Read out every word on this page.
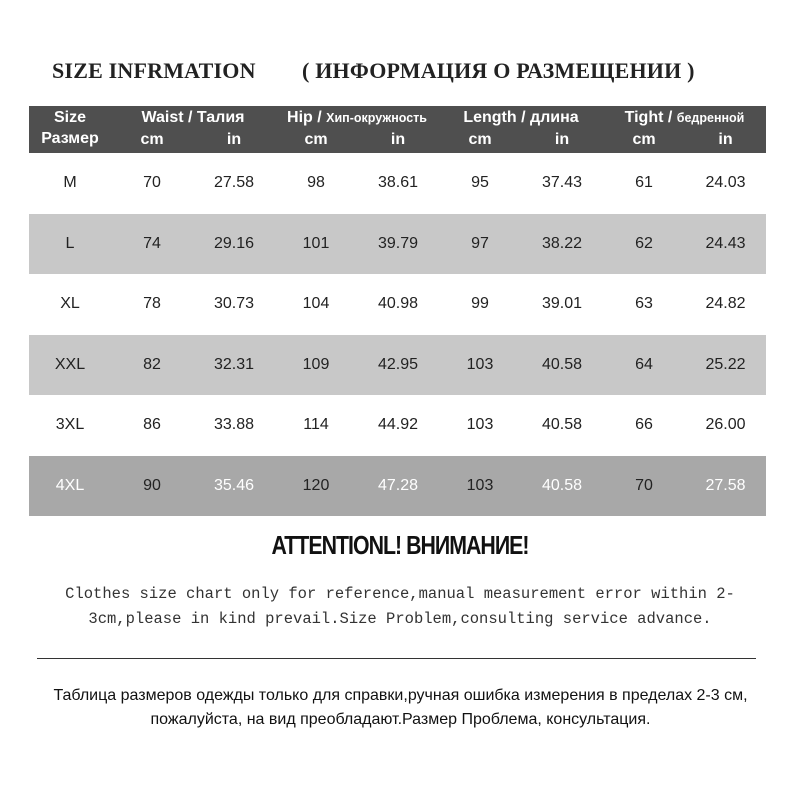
SIZE INFRMATION ( ИНФОРМАЦИЯ О РАЗМЕЩЕНИИ )
Size
Размер
Waist / Талия
cm	in
Hip / Хип-окружность
cm	in
Length / длина
cm	in
Tight / бедренной
cm	in
M	70	27.58	98	38.61	95	37.43	61	24.03
L	74	29.16	101	39.79	97	38.22	62	24.43
XL	78	30.73	104	40.98	99	39.01	63	24.82
XXL	82	32.31	109	42.95	103	40.58	64	25.22
3XL	86	33.88	114	44.92	103	40.58	66	26.00
4XL	90	35.46	120	47.28	103	40.58	70	27.58
ATTENTIONL! ВНИМАНИЕ!
Clothes size chart only for reference,manual measurement error within 2-3cm,please in kind prevail.Size Problem,consulting service advance.
Таблица размеров одежды только для справки,ручная ошибка измерения в пределах 2-3 см, пожалуйста, на вид преобладают.Размер Проблема, консультация.
